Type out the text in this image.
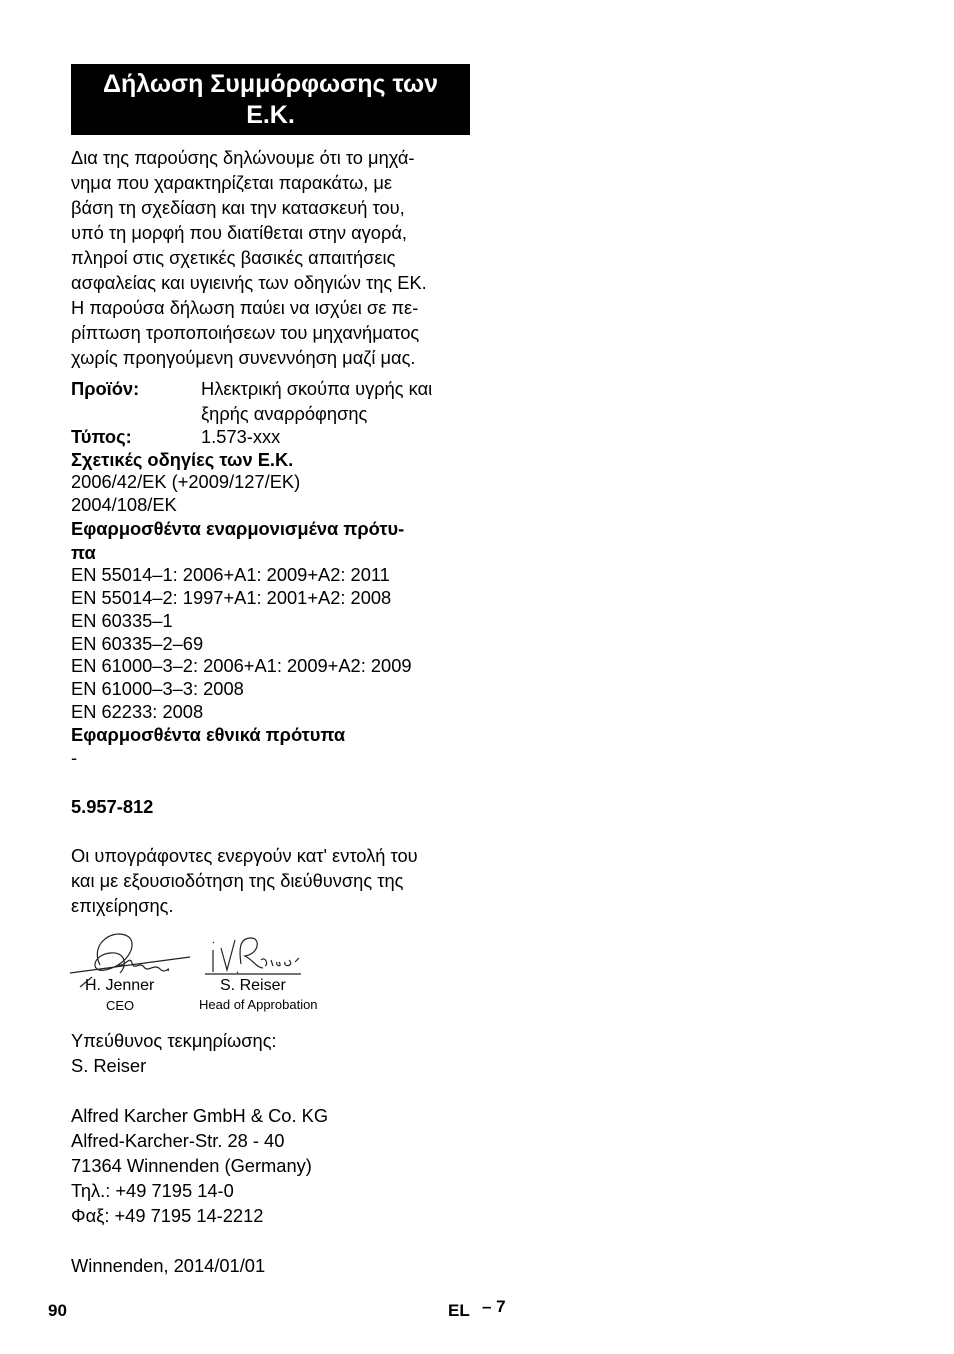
Δήλωση Συμμόρφωσης των
Ε.Κ.
Δια της παρούσης δηλώνουμε ότι το μηχά-
νημα που χαρακτηρίζεται παρακάτω, με
βάση τη σχεδίαση και την κατασκευή του,
υπό τη μορφή που διατίθεται στην αγορά,
πληροί στις σχετικές βασικές απαιτήσεις
ασφαλείας και υγιεινής των οδηγιών της ΕΚ.
Η παρούσα δήλωση παύει να ισχύει σε πε-
ρίπτωση τροποποιήσεων του μηχανήματος
χωρίς προηγούμενη συνεννόηση μαζί μας.
Προϊόν:	Ηλεκτρική σκούπα υγρής και
ξηρής αναρρόφησης
Τύπος:	1.573-xxx
Σχετικές οδηγίες των Ε.Κ.
2006/42/ΕΚ (+2009/127/ΕΚ)
2004/108/ΕΚ
Εφαρμοσθέντα εναρμονισμένα πρότυ-
πα
EN 55014–1: 2006+A1: 2009+A2: 2011
EN 55014–2: 1997+A1: 2001+A2: 2008
EN 60335–1
EN 60335–2–69
EN 61000–3–2: 2006+A1: 2009+A2: 2009
EN 61000–3–3: 2008
EN 62233: 2008
Εφαρμοσθέντα εθνικά πρότυπα
-
5.957-812
Οι υπογράφοντες ενεργούν κατ' εντολή του
και με εξουσιοδότηση της διεύθυνσης της
επιχείρησης.
H. Jenner
CEO
S. Reiser
Head of Approbation
Υπεύθυνος τεκμηρίωσης:
S. Reiser
Alfred Karcher GmbH & Co. KG
Alfred-Karcher-Str. 28 - 40
71364 Winnenden (Germany)
Τηλ.: +49 7195 14-0
Φαξ: +49 7195 14-2212
Winnenden, 2014/01/01
90	EL – 7
